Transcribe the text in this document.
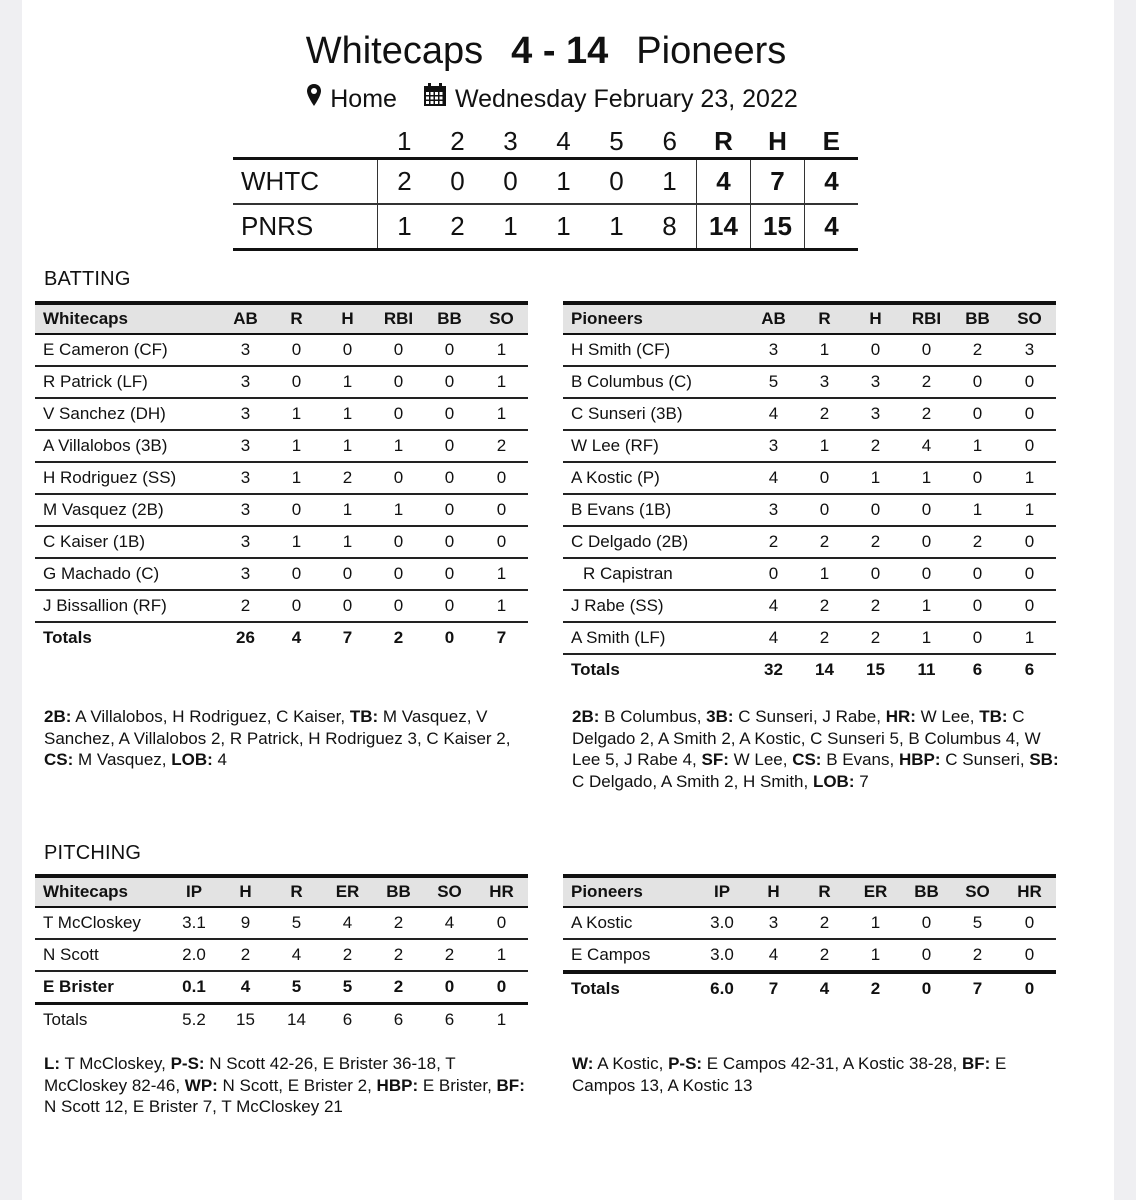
Whitecaps 4 - 14 Pioneers
Home Wednesday February 23, 2022
	1	2	3	4	5	6	R	H	E
WHTC	2	0	0	1	0	1	4	7	4
PNRS	1	2	1	1	1	8	14	15	4
BATTING
Whitecaps	AB	R	H	RBI	BB	SO
E Cameron (CF)	3	0	0	0	0	1
R Patrick (LF)	3	0	1	0	0	1
V Sanchez (DH)	3	1	1	0	0	1
A Villalobos (3B)	3	1	1	1	0	2
H Rodriguez (SS)	3	1	2	0	0	0
M Vasquez (2B)	3	0	1	1	0	0
C Kaiser (1B)	3	1	1	0	0	0
G Machado (C)	3	0	0	0	0	1
J Bissallion (RF)	2	0	0	0	0	1
Totals	26	4	7	2	0	7
Pioneers	AB	R	H	RBI	BB	SO
H Smith (CF)	3	1	0	0	2	3
B Columbus (C)	5	3	3	2	0	0
C Sunseri (3B)	4	2	3	2	0	0
W Lee (RF)	3	1	2	4	1	0
A Kostic (P)	4	0	1	1	0	1
B Evans (1B)	3	0	0	0	1	1
C Delgado (2B)	2	2	2	0	2	0
R Capistran	0	1	0	0	0	0
J Rabe (SS)	4	2	2	1	0	0
A Smith (LF)	4	2	2	1	0	1
Totals	32	14	15	11	6	6
2B: A Villalobos, H Rodriguez, C Kaiser, TB: M Vasquez, V Sanchez, A Villalobos 2, R Patrick, H Rodriguez 3, C Kaiser 2, CS: M Vasquez, LOB: 4
2B: B Columbus, 3B: C Sunseri, J Rabe, HR: W Lee, TB: C Delgado 2, A Smith 2, A Kostic, C Sunseri 5, B Columbus 4, W Lee 5, J Rabe 4, SF: W Lee, CS: B Evans, HBP: C Sunseri, SB: C Delgado, A Smith 2, H Smith, LOB: 7
PITCHING
Whitecaps	IP	H	R	ER	BB	SO	HR
T McCloskey	3.1	9	5	4	2	4	0
N Scott	2.0	2	4	2	2	2	1
E Brister	0.1	4	5	5	2	0	0
Totals	5.2	15	14	6	6	6	1
Pioneers	IP	H	R	ER	BB	SO	HR
A Kostic	3.0	3	2	1	0	5	0
E Campos	3.0	4	2	1	0	2	0
Totals	6.0	7	4	2	0	7	0
L: T McCloskey, P-S: N Scott 42-26, E Brister 36-18, T McCloskey 82-46, WP: N Scott, E Brister 2, HBP: E Brister, BF: N Scott 12, E Brister 7, T McCloskey 21
W: A Kostic, P-S: E Campos 42-31, A Kostic 38-28, BF: E Campos 13, A Kostic 13
